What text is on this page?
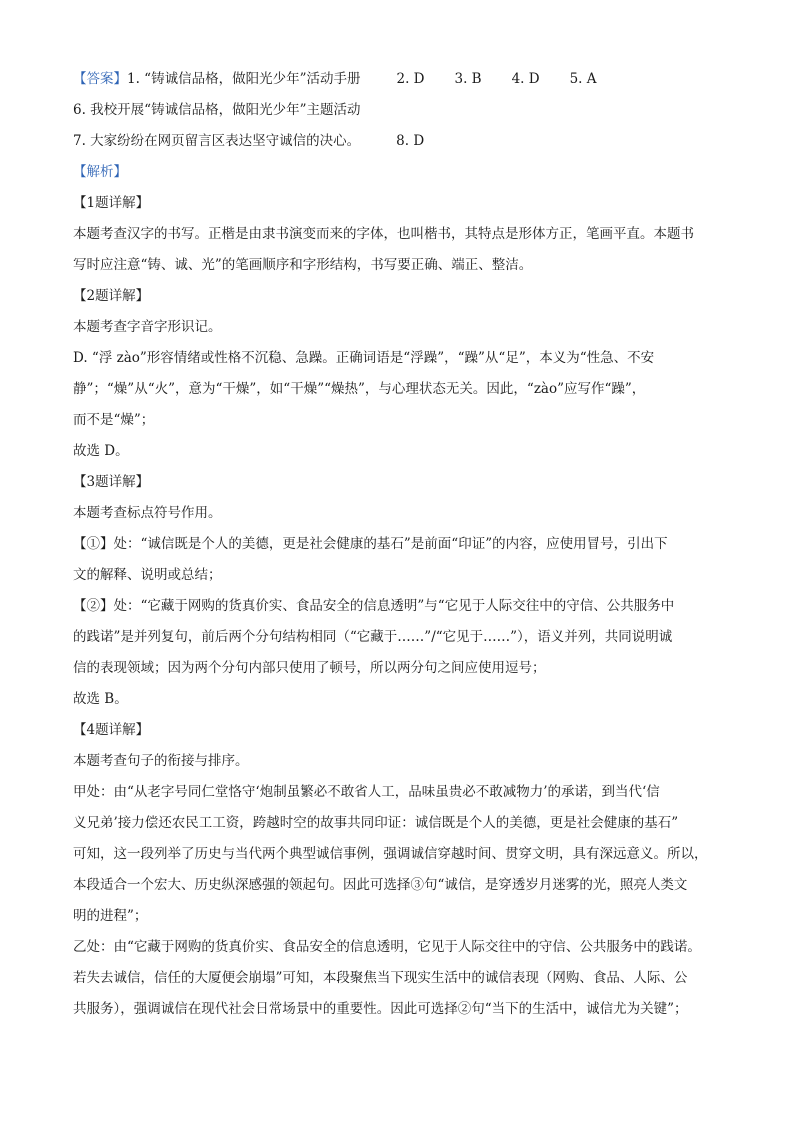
【答案】1. “铸诚信品格，做阳光少年”活动手册	2. D 3. B 4. D 5. A
6. 我校开展“铸诚信品格，做阳光少年”主题活动
7. 大家纷纷在网页留言区表达坚守诚信的决心。	8. D
【解析】
【1题详解】
本题考查汉字的书写。正楷是由隶书演变而来的字体，也叫楷书，其特点是形体方正，笔画平直。本题书
写时应注意“铸、诚、光”的笔画顺序和字形结构，书写要正确、端正、整洁。
【2题详解】
本题考查字音字形识记。
D. “浮 zào”形容情绪或性格不沉稳、急躁。正确词语是“浮躁”，“躁”从“足”，本义为“性急、不安
静”；“燥”从“火”，意为“干燥”，如“干燥”“燥热”，与心理状态无关。因此，“zào”应写作“躁”，
而不是“燥”；
故选 D。
【3题详解】
本题考查标点符号作用。
【①】处：“诚信既是个人的美德，更是社会健康的基石”是前面“印证”的内容，应使用冒号，引出下
文的解释、说明或总结；
【②】处：“它藏于网购的货真价实、食品安全的信息透明”与“它见于人际交往中的守信、公共服务中
的践诺”是并列复句，前后两个分句结构相同（“它藏于……”/“它见于……”），语义并列，共同说明诚
信的表现领域；因为两个分句内部只使用了顿号，所以两分句之间应使用逗号；
故选 B。
【4题详解】
本题考查句子的衔接与排序。
甲处：由“从老字号同仁堂恪守‘炮制虽繁必不敢省人工，品味虽贵必不敢减物力’的承诺，到当代‘信
义兄弟’接力偿还农民工工资，跨越时空的故事共同印证：诚信既是个人的美德，更是社会健康的基石”
可知，这一段列举了历史与当代两个典型诚信事例，强调诚信穿越时间、贯穿文明，具有深远意义。所以，
本段适合一个宏大、历史纵深感强的领起句。因此可选择③句“诚信，是穿透岁月迷雾的光，照亮人类文
明的进程”；
乙处：由“它藏于网购的货真价实、食品安全的信息透明，它见于人际交往中的守信、公共服务中的践诺。
若失去诚信，信任的大厦便会崩塌”可知，本段聚焦当下现实生活中的诚信表现（网购、食品、人际、公
共服务），强调诚信在现代社会日常场景中的重要性。因此可选择②句“当下的生活中，诚信尤为关键”；
